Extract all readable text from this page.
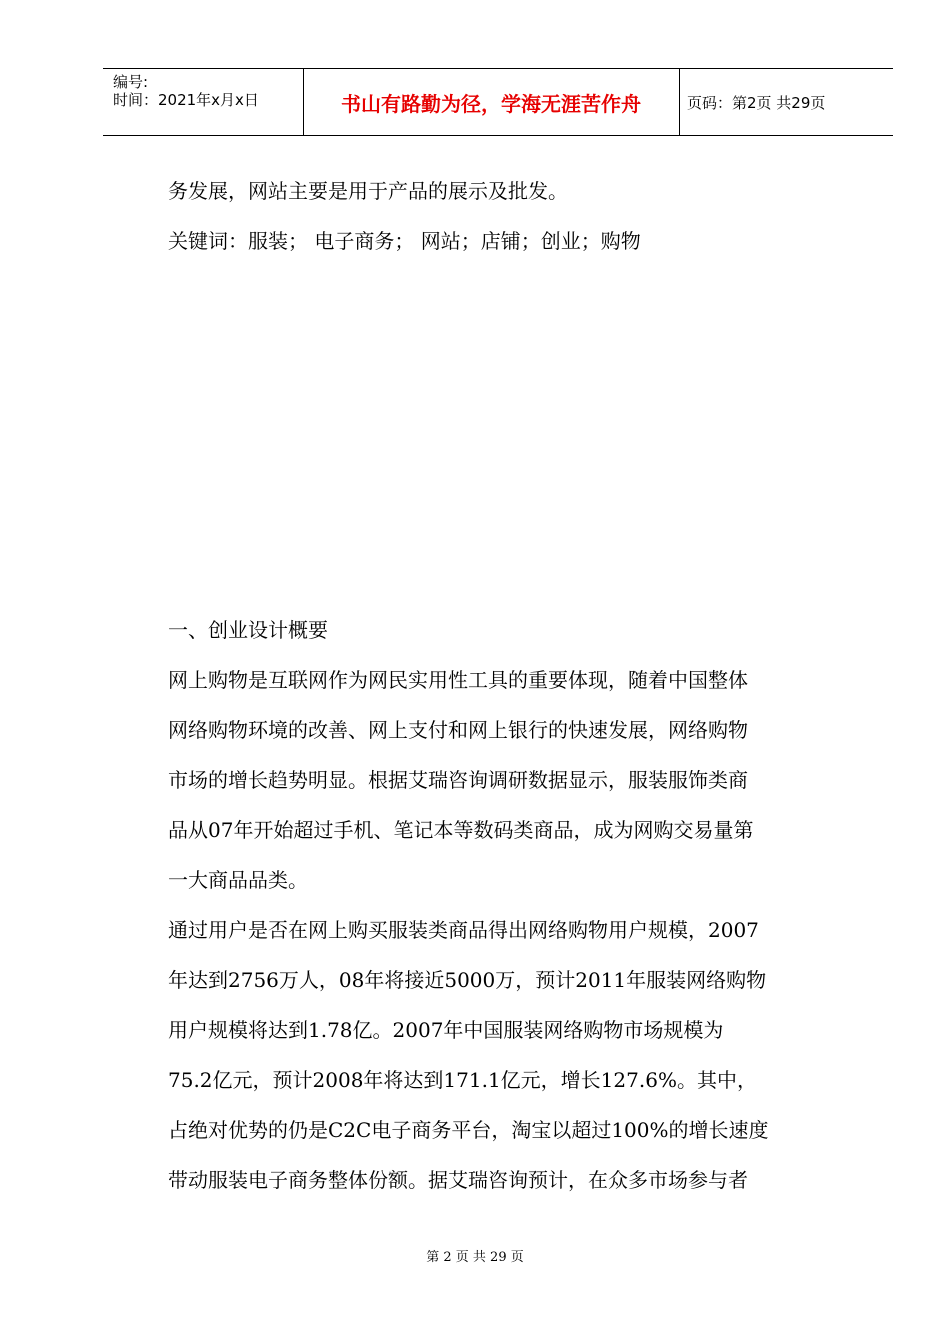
编号:
时间：2021年x月x日	书山有路勤为径，学海无涯苦作舟	页码：第2页 共29页

务发展，网站主要是用于产品的展示及批发。

关键词：服装； 电子商务； 网站；店铺；创业；购物

一、创业设计概要

网上购物是互联网作为网民实用性工具的重要体现，随着中国整体

网络购物环境的改善、网上支付和网上银行的快速发展，网络购物

市场的增长趋势明显。根据艾瑞咨询调研数据显示，服装服饰类商

品从07年开始超过手机、笔记本等数码类商品，成为网购交易量第

一大商品品类。

通过用户是否在网上购买服装类商品得出网络购物用户规模，2007

年达到2756万人，08年将接近5000万，预计2011年服装网络购物

用户规模将达到1.78亿。2007年中国服装网络购物市场规模为

75.2亿元，预计2008年将达到171.1亿元，增长127.6%。其中，

占绝对优势的仍是C2C电子商务平台，淘宝以超过100%的增长速度

带动服装电子商务整体份额。据艾瑞咨询预计，在众多市场参与者

第 2 页 共 29 页
